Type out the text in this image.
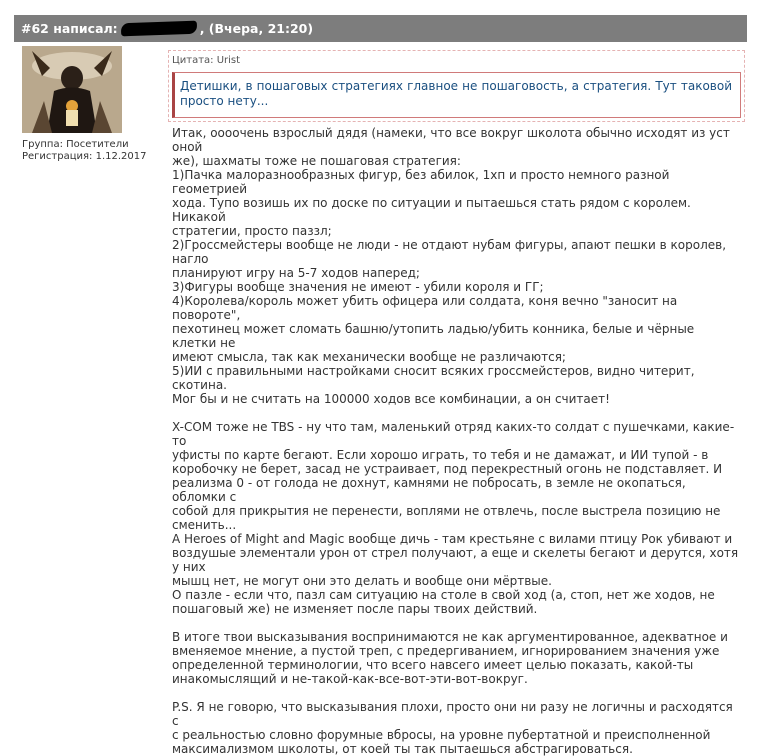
#62 написал:	, (Вчера, 21:20)
Группа: Посетители
Регистрация: 1.12.2017
Цитата: Urist
Детишки, в пошаговых стратегиях главное не пошаговость, а стратегия. Тут таковой просто нету...

Итак, оооочень взрослый дядя (намеки, что все вокруг школота обычно исходят из уст оной

же), шахматы тоже не пошаговая стратегия:

1)Пачка малоразнообразных фигур, без абилок, 1хп и просто немного разной геометрией

хода. Тупо возишь их по доске по ситуации и пытаешься стать рядом с королем. Никакой

стратегии, просто паззл;

2)Гроссмейстеры вообще не люди - не отдают нубам фигуры, апают пешки в королев, нагло

планируют игру на 5-7 ходов наперед;

3)Фигуры вообще значения не имеют - убили короля и ГГ;

4)Королева/король может убить офицера или солдата, коня вечно "заносит на повороте",

пехотинец может сломать башню/утопить ладью/убить конника, белые и чёрные клетки не

имеют смысла, так как механически вообще не различаются;

5)ИИ с правильными настройками сносит всяких гроссмейстеров, видно читерит, скотина.

Мог бы и не считать на 100000 ходов все комбинации, а он считает!

X-COM тоже не TBS - ну что там, маленький отряд каких-то солдат с пушечками, какие-то

уфисты по карте бегают. Если хорошо играть, то тебя и не дамажат, и ИИ тупой - в

коробочку не берет, засад не устраивает, под перекрестный огонь не подставляет. И

реализма 0 - от голода не дохнут, камнями не побросать, в земле не окопаться, обломки с

собой для прикрытия не перенести, воплями не отвлечь, после выстрела позицию не

сменить...

A Heroes of Might and Magic вообще дичь - там крестьяне с вилами птицу Рок убивают и

воздушые элементали урон от стрел получают, а еще и скелеты бегают и дерутся, хотя у них

мышц нет, не могут они это делать и вообще они мёртвые.

О пазле - если что, пазл сам ситуацию на столе в свой ход (а, стоп, нет же ходов, не

пошаговый же) не изменяет после пары твоих действий.

В итоге твои высказывания воспринимаются не как аргументированное, адекватное и

вменяемое мнение, а пустой треп, с предергиванием, игнорированием значения уже

определенной терминологии, что всего навсего имеет целью показать, какой-ты

инакомыслящий и не-такой-как-все-вот-эти-вот-вокруг.

P.S. Я не говорю, что высказывания плохи, просто они ни разу не логичны и расходятся с

с реальностью словно форумные вбросы, на уровне пубертатной и преисполненной

максимализмом школоты, от коей ты так пытаешься абстрагироваться.
